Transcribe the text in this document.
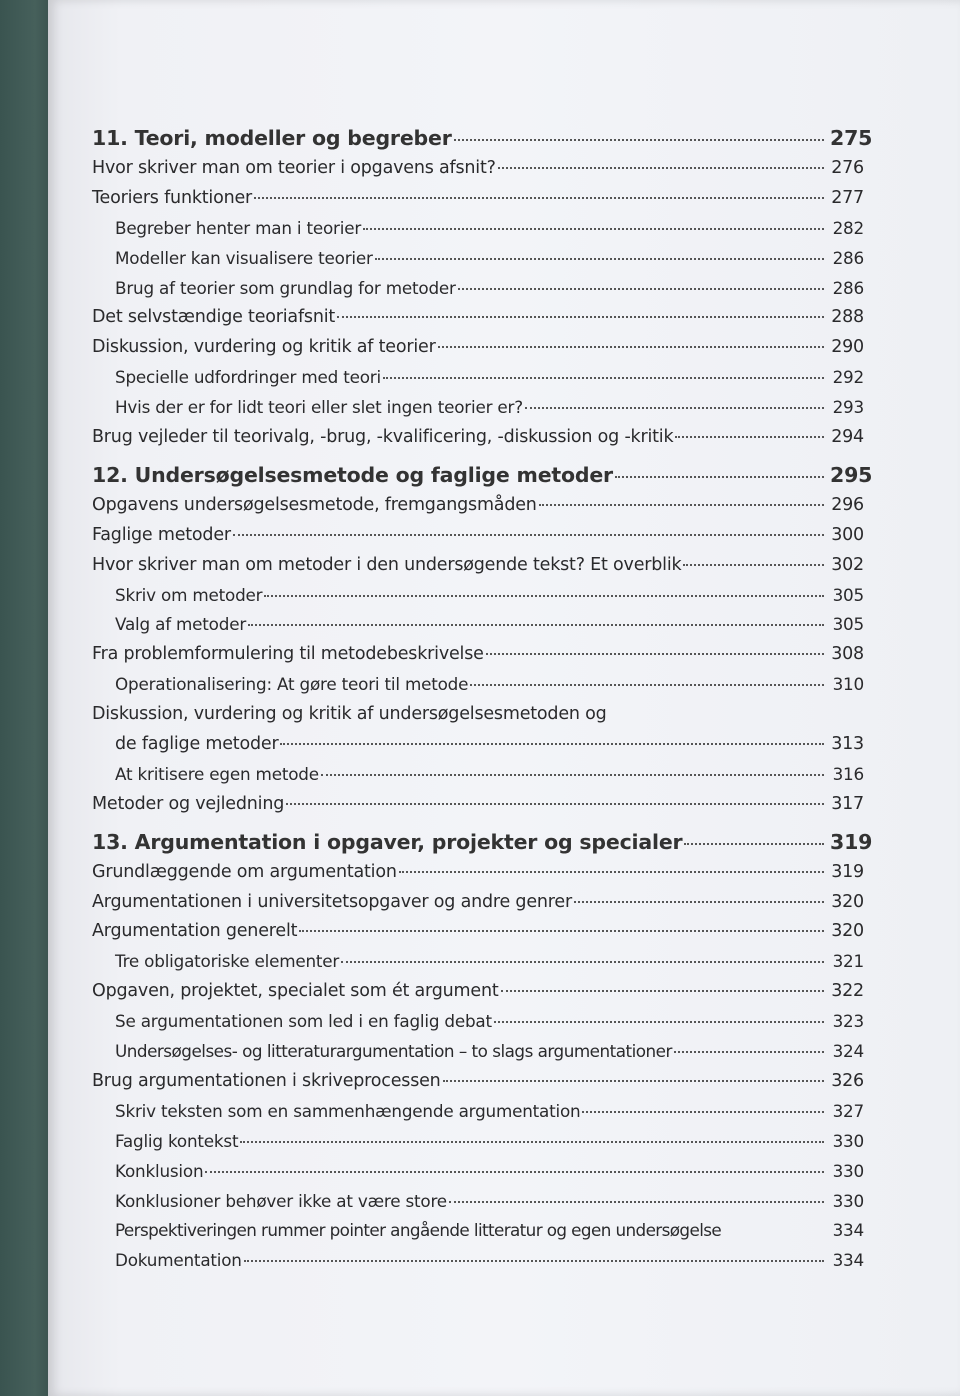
11. Teori, modeller og begreber	275
Hvor skriver man om teorier i opgavens afsnit?	276
Teoriers funktioner	277
Begreber henter man i teorier	282
Modeller kan visualisere teorier	286
Brug af teorier som grundlag for metoder	286
Det selvstændige teoriafsnit	288
Diskussion, vurdering og kritik af teorier	290
Specielle udfordringer med teori	292
Hvis der er for lidt teori eller slet ingen teorier er?	293
Brug vejleder til teorivalg, -brug, -kvalificering, -diskussion og -kritik	294
12. Undersøgelsesmetode og faglige metoder	295
Opgavens undersøgelsesmetode, fremgangsmåden	296
Faglige metoder	300
Hvor skriver man om metoder i den undersøgende tekst? Et overblik	302
Skriv om metoder	305
Valg af metoder	305
Fra problemformulering til metodebeskrivelse	308
Operationalisering: At gøre teori til metode	310
Diskussion, vurdering og kritik af undersøgelsesmetoden og
de faglige metoder	313
At kritisere egen metode	316
Metoder og vejledning	317
13. Argumentation i opgaver, projekter og specialer	319
Grundlæggende om argumentation	319
Argumentationen i universitetsopgaver og andre genrer	320
Argumentation generelt	320
Tre obligatoriske elementer	321
Opgaven, projektet, specialet som ét argument	322
Se argumentationen som led i en faglig debat	323
Undersøgelses- og litteraturargumentation – to slags argumentationer	324
Brug argumentationen i skriveprocessen	326
Skriv teksten som en sammenhængende argumentation	327
Faglig kontekst	330
Konklusion	330
Konklusioner behøver ikke at være store	330
Perspektiveringen rummer pointer angående litteratur og egen undersøgelse	334
Dokumentation	334
